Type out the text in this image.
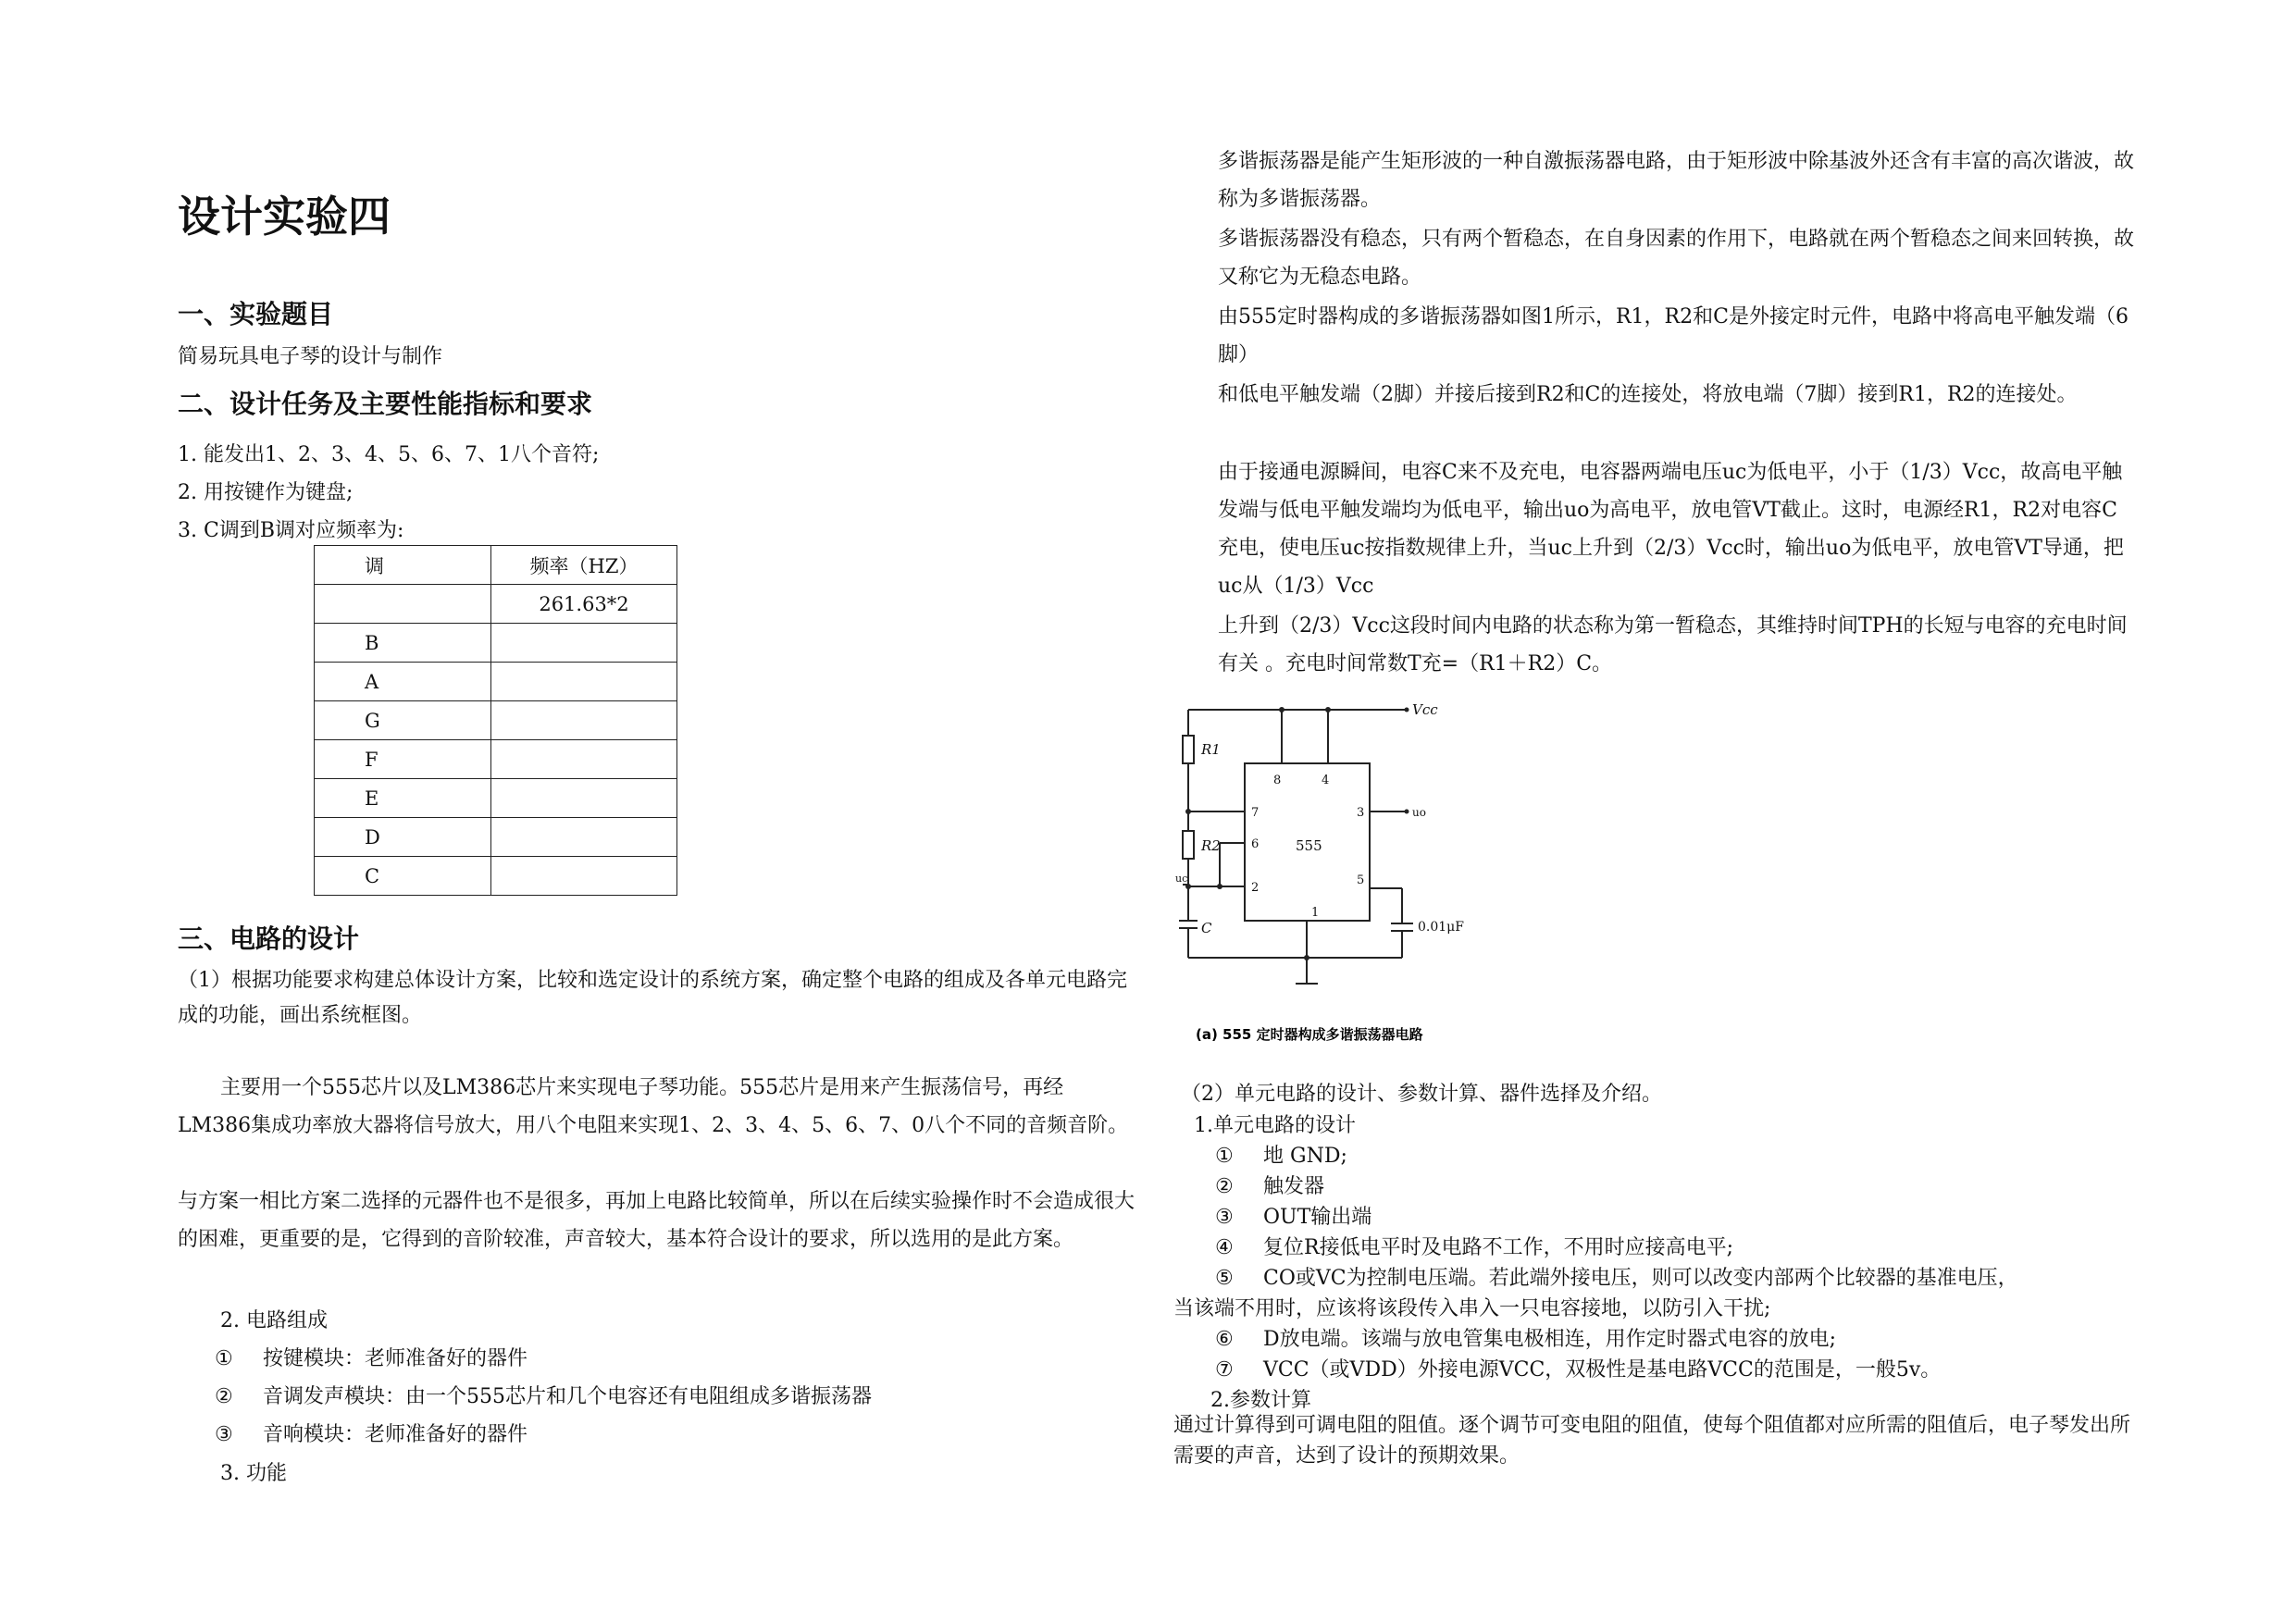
设计实验四
一、实验题目
简易玩具电子琴的设计与制作
二、设计任务及主要性能指标和要求
1. 能发出1、2、3、4、5、6、7、1八个音符;
2. 用按键作为键盘;
3. C调到B调对应频率为:
调	频率（HZ）
	261.63*2
B	
A	
G	
F	
E	
D	
C	
三、电路的设计
（1）根据功能要求构建总体设计方案，比较和选定设计的系统方案，确定整个电路的组成及各单元电路完成的功能，画出系统框图。
主要用一个555芯片以及LM386芯片来实现电子琴功能。555芯片是用来产生振荡信号，再经LM386集成功率放大器将信号放大，用八个电阻来实现1、2、3、4、5、6、7、0八个不同的音频音阶。
与方案一相比方案二选择的元器件也不是很多，再加上电路比较简单，所以在后续实验操作时不会造成很大的困难，更重要的是，它得到的音阶较准，声音较大，基本符合设计的要求，所以选用的是此方案。
2. 电路组成
① 按键模块：老师准备好的器件
② 音调发声模块：由一个555芯片和几个电容还有电阻组成多谐振荡器
③ 音响模块：老师准备好的器件
3. 功能
多谐振荡器是能产生矩形波的一种自激振荡器电路，由于矩形波中除基波外还含有丰富的高次谐波，故称为多谐振荡器。
多谐振荡器没有稳态，只有两个暂稳态，在自身因素的作用下，电路就在两个暂稳态之间来回转换，故又称它为无稳态电路。
由555定时器构成的多谐振荡器如图1所示，R1，R2和C是外接定时元件，电路中将高电平触发端（6脚）
和低电平触发端（2脚）并接后接到R2和C的连接处，将放电端（7脚）接到R1，R2的连接处。
由于接通电源瞬间，电容C来不及充电，电容器两端电压uc为低电平，小于（1/3）Vcc，故高电平触发端与低电平触发端均为低电平，输出uo为高电平，放电管VT截止。这时，电源经R1，R2对电容C充电，使电压uc按指数规律上升，当uc上升到（2/3）Vcc时，输出uo为低电平，放电管VT导通，把uc从（1/3）Vcc
上升到（2/3）Vcc这段时间内电路的状态称为第一暂稳态，其维持时间TPH的长短与电容的充电时间有关 。充电时间常数T充=（R1＋R2）C。
Vcc
R1
R2
C
555
uo
uc
0.01μF
8	4
7
6
2
3
5
1
(a) 555 定时器构成多谐振荡器电路
（2）单元电路的设计、参数计算、器件选择及介绍。
1.单元电路的设计
① 地 GND;
② 触发器
③ OUT输出端
④ 复位R接低电平时及电路不工作，不用时应接高电平;
⑤ CO或VC为控制电压端。若此端外接电压，则可以改变内部两个比较器的基准电压，
当该端不用时，应该将该段传入串入一只电容接地，以防引入干扰;
⑥ D放电端。该端与放电管集电极相连，用作定时器式电容的放电;
⑦ VCC（或VDD）外接电源VCC，双极性是基电路VCC的范围是，一般5v。
2.参数计算
通过计算得到可调电阻的阻值。逐个调节可变电阻的阻值，使每个阻值都对应所需的阻值后，电子琴发出所需要的声音，达到了设计的预期效果。
